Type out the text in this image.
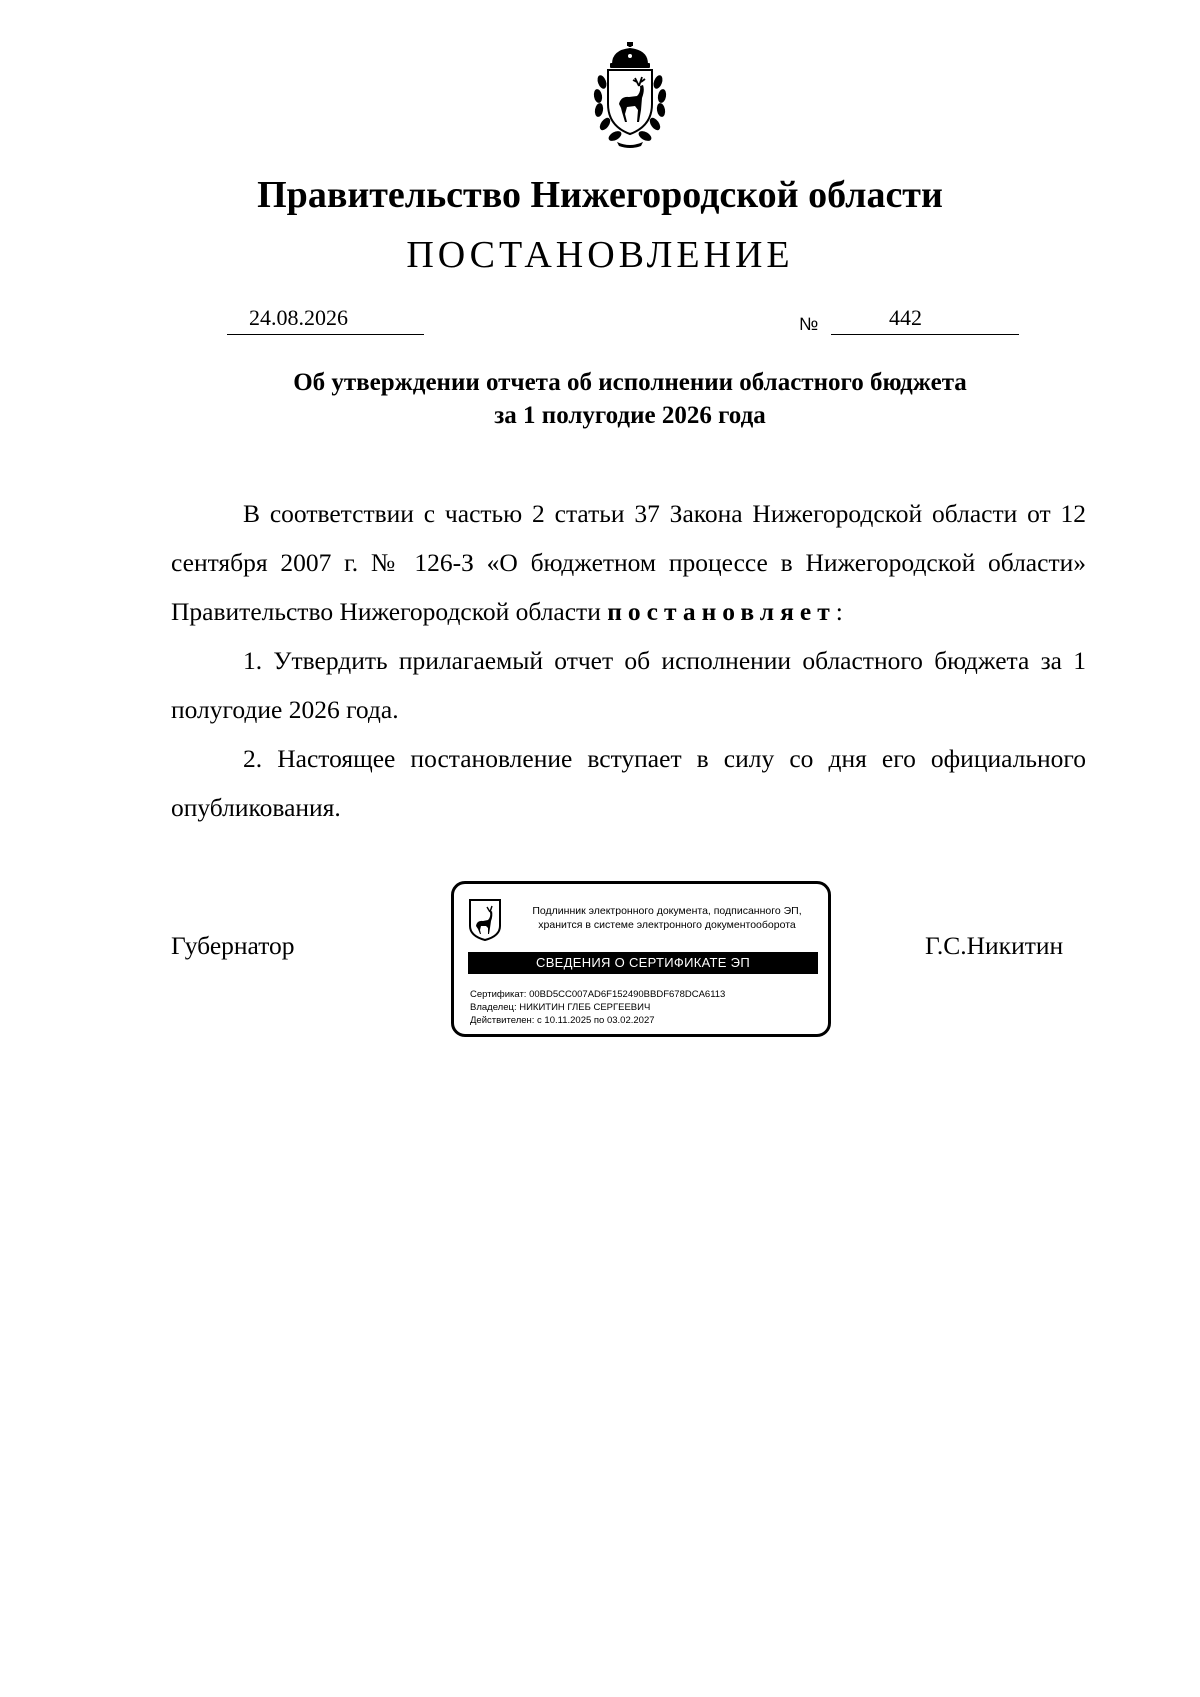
Правительство Нижегородской области
ПОСТАНОВЛЕНИЕ
24.08.2026	№	442
Об утверждении отчета об исполнении областного бюджета
за 1 полугодие 2026 года

В соответствии с частью 2 статьи 37 Закона Нижегородской области от 12 сентября 2007 г. № 126-З «О бюджетном процессе в Нижегородской области» Правительство Нижегородской области постановляет:

1. Утвердить прилагаемый отчет об исполнении областного бюджета за 1 полугодие 2026 года.

2. Настоящее постановление вступает в силу со дня его официального опубликования.

Губернатор
Подлинник электронного документа, подписанного ЭП,
хранится в системе электронного документооборота
СВЕДЕНИЯ О СЕРТИФИКАТЕ ЭП
Сертификат: 00BD5CC007AD6F152490BBDF678DCA6113
Владелец: НИКИТИН ГЛЕБ СЕРГЕЕВИЧ
Действителен: с 10.11.2025 по 03.02.2027
Г.С.Никитин
